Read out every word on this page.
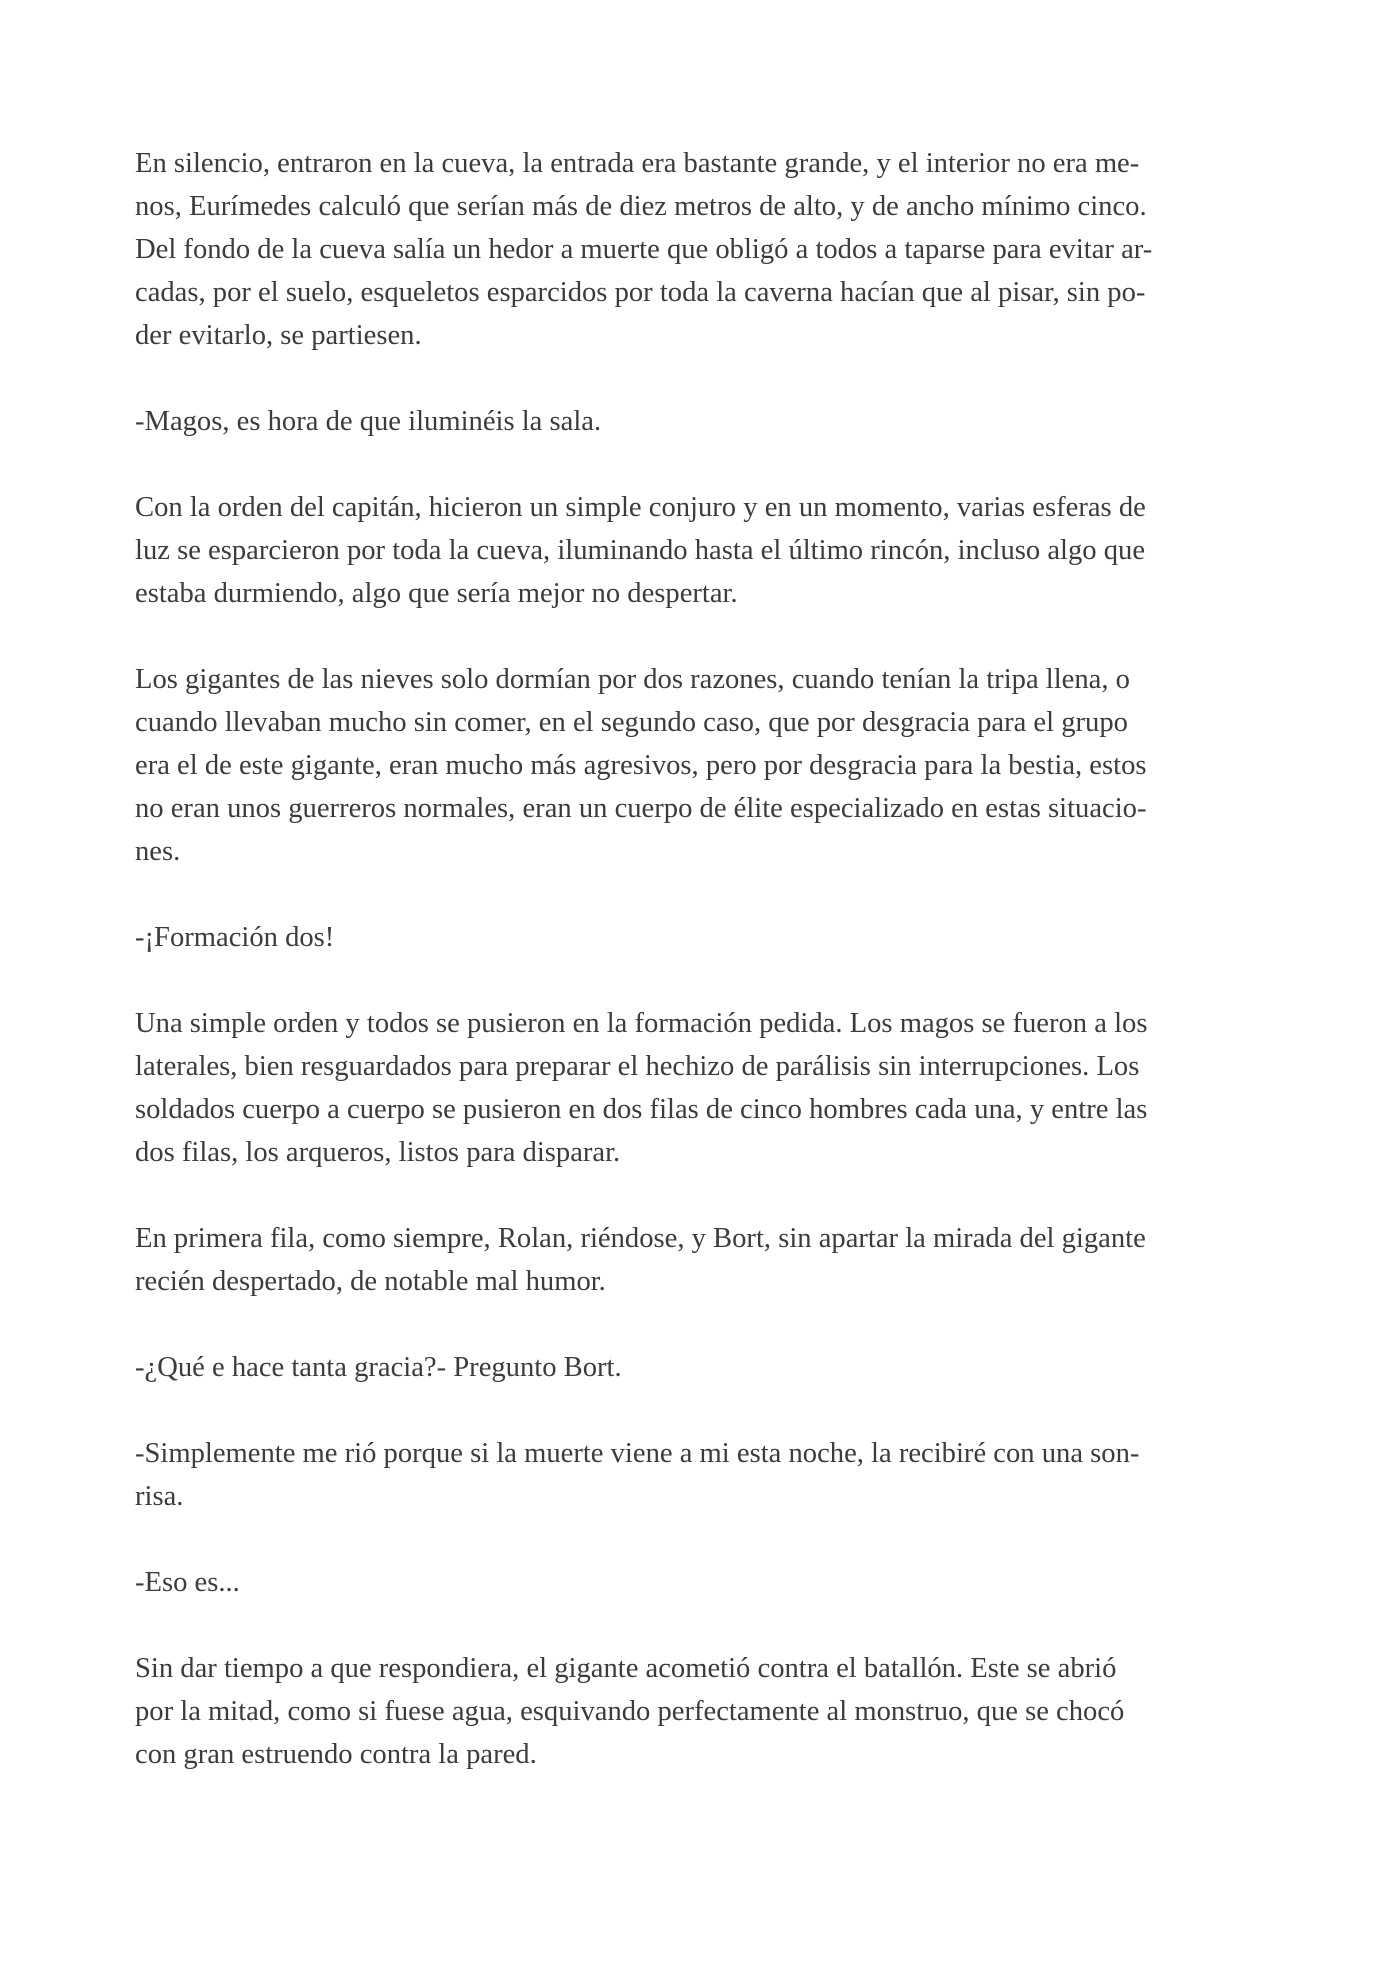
En silencio, entraron en la cueva, la entrada era bastante grande, y el interior no era me-
nos, Eurímedes calculó que serían más de diez metros de alto, y de ancho mínimo cinco.
Del fondo de la cueva salía un hedor a muerte que obligó a todos a taparse para evitar ar-
cadas, por el suelo, esqueletos esparcidos por toda la caverna hacían que al pisar, sin po-
der evitarlo, se partiesen.

-Magos, es hora de que iluminéis la sala.

Con la orden del capitán, hicieron un simple conjuro y en un momento, varias esferas de
luz se esparcieron por toda la cueva, iluminando hasta el último rincón, incluso algo que
estaba durmiendo, algo que sería mejor no despertar.

Los gigantes de las nieves solo dormían por dos razones, cuando tenían la tripa llena, o
cuando llevaban mucho sin comer, en el segundo caso, que por desgracia para el grupo
era el de este gigante, eran mucho más agresivos, pero por desgracia para la bestia, estos
no eran unos guerreros normales, eran un cuerpo de élite especializado en estas situacio-
nes.

-¡Formación dos!

Una simple orden y todos se pusieron en la formación pedida. Los magos se fueron a los
laterales, bien resguardados para preparar el hechizo de parálisis sin interrupciones. Los
soldados cuerpo a cuerpo se pusieron en dos filas de cinco hombres cada una, y entre las
dos filas, los arqueros, listos para disparar.

En primera fila, como siempre, Rolan, riéndose, y Bort, sin apartar la mirada del gigante
recién despertado, de notable mal humor.

-¿Qué e hace tanta gracia?- Pregunto Bort.

-Simplemente me rió porque si la muerte viene a mi esta noche, la recibiré con una son-
risa.

-Eso es...

Sin dar tiempo a que respondiera, el gigante acometió contra el batallón. Este se abrió
por la mitad, como si fuese agua, esquivando perfectamente al monstruo, que se chocó
con gran estruendo contra la pared.
